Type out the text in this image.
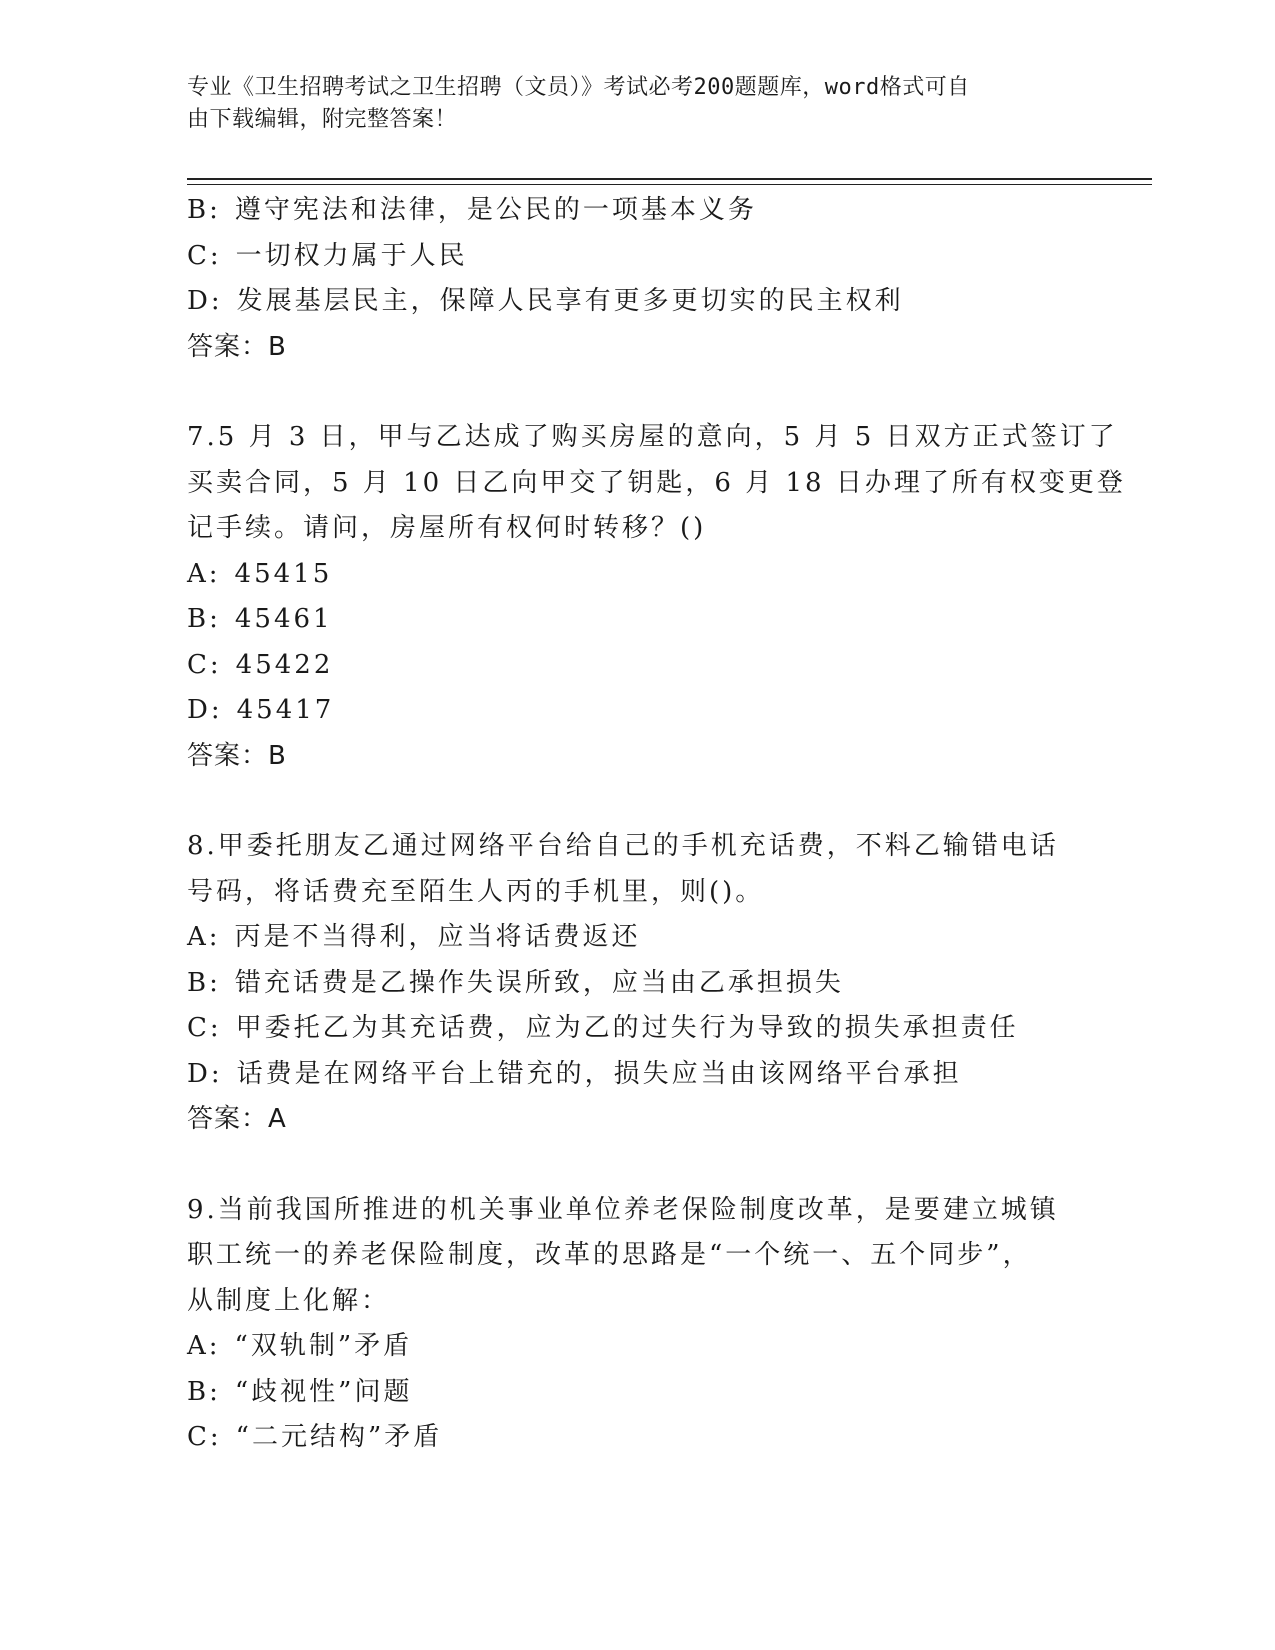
专业《卫生招聘考试之卫生招聘（文员）》考试必考200题题库，word格式可自
由下载编辑，附完整答案！
B: 遵守宪法和法律，是公民的一项基本义务
C: 一切权力属于人民
D: 发展基层民主，保障人民享有更多更切实的民主权利
答案：B
7.5 月 3 日，甲与乙达成了购买房屋的意向，5 月 5 日双方正式签订了
买卖合同，5 月 10 日乙向甲交了钥匙，6 月 18 日办理了所有权变更登
记手续。请问，房屋所有权何时转移？()
A: 45415
B: 45461
C: 45422
D: 45417
答案：B
8.甲委托朋友乙通过网络平台给自己的手机充话费，不料乙输错电话
号码，将话费充至陌生人丙的手机里，则()。
A: 丙是不当得利，应当将话费返还
B: 错充话费是乙操作失误所致，应当由乙承担损失
C: 甲委托乙为其充话费，应为乙的过失行为导致的损失承担责任
D: 话费是在网络平台上错充的，损失应当由该网络平台承担
答案：A
9.当前我国所推进的机关事业单位养老保险制度改革，是要建立城镇
职工统一的养老保险制度，改革的思路是“一个统一、五个同步”，
从制度上化解：
A: “双轨制”矛盾
B: “歧视性”问题
C: “二元结构”矛盾
